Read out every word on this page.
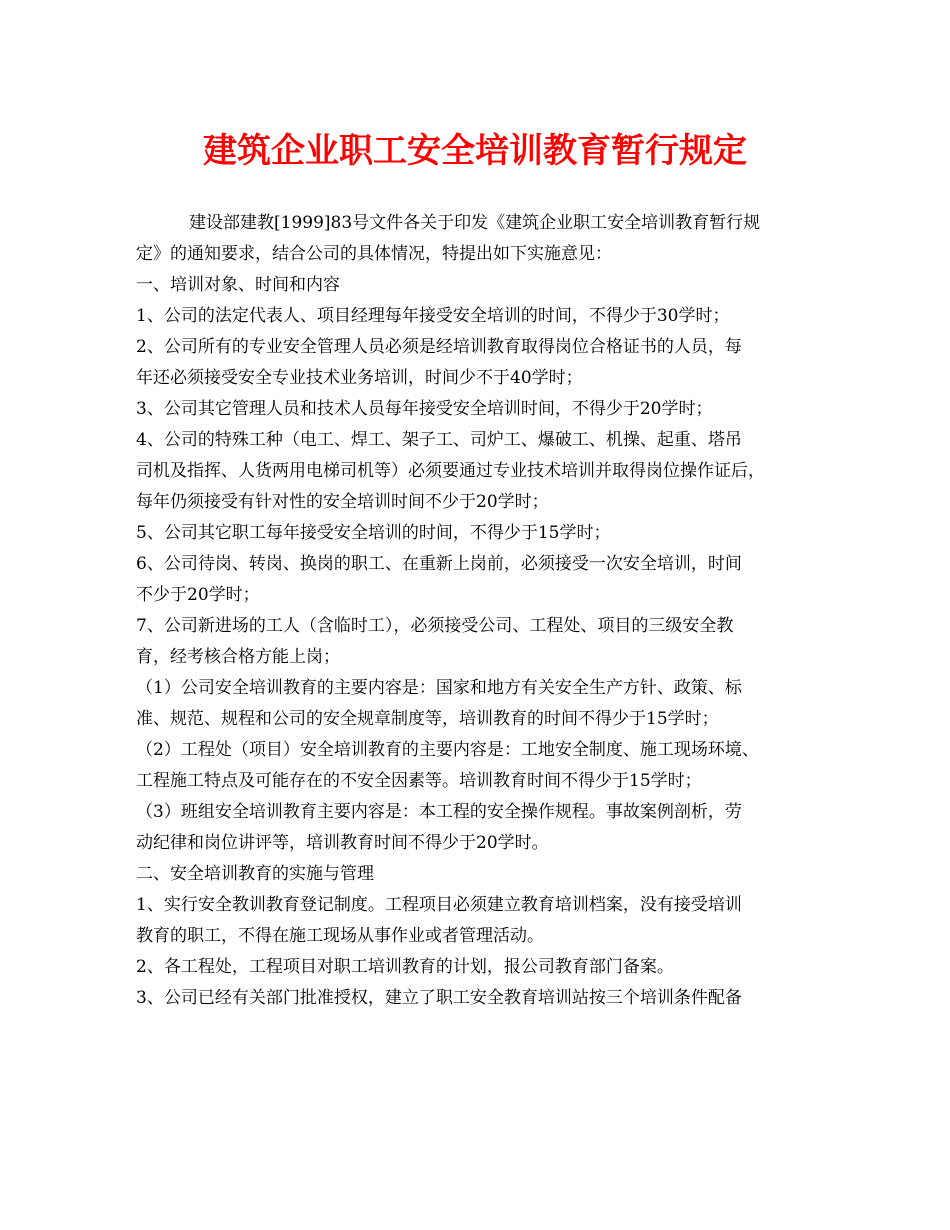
建筑企业职工安全培训教育暂行规定
建设部建教[1999]83号文件各关于印发《建筑企业职工安全培训教育暂行规
定》的通知要求，结合公司的具体情况，特提出如下实施意见：
一、培训对象、时间和内容
1、公司的法定代表人、项目经理每年接受安全培训的时间，不得少于30学时；
2、公司所有的专业安全管理人员必须是经培训教育取得岗位合格证书的人员，每
年还必须接受安全专业技术业务培训，时间少不于40学时；
3、公司其它管理人员和技术人员每年接受安全培训时间，不得少于20学时；
4、公司的特殊工种（电工、焊工、架子工、司炉工、爆破工、机操、起重、塔吊
司机及指挥、人货两用电梯司机等）必须要通过专业技术培训并取得岗位操作证后，
每年仍须接受有针对性的安全培训时间不少于20学时；
5、公司其它职工每年接受安全培训的时间，不得少于15学时；
6、公司待岗、转岗、换岗的职工、在重新上岗前，必须接受一次安全培训，时间
不少于20学时；
7、公司新进场的工人（含临时工），必须接受公司、工程处、项目的三级安全教
育，经考核合格方能上岗；
（1）公司安全培训教育的主要内容是：国家和地方有关安全生产方针、政策、标
准、规范、规程和公司的安全规章制度等，培训教育的时间不得少于15学时；
（2）工程处（项目）安全培训教育的主要内容是：工地安全制度、施工现场环境、
工程施工特点及可能存在的不安全因素等。培训教育时间不得少于15学时；
（3）班组安全培训教育主要内容是：本工程的安全操作规程。事故案例剖析，劳
动纪律和岗位讲评等，培训教育时间不得少于20学时。
二、安全培训教育的实施与管理
1、实行安全教训教育登记制度。工程项目必须建立教育培训档案，没有接受培训
教育的职工，不得在施工现场从事作业或者管理活动。
2、各工程处，工程项目对职工培训教育的计划，报公司教育部门备案。
3、公司已经有关部门批准授权，建立了职工安全教育培训站按三个培训条件配备
